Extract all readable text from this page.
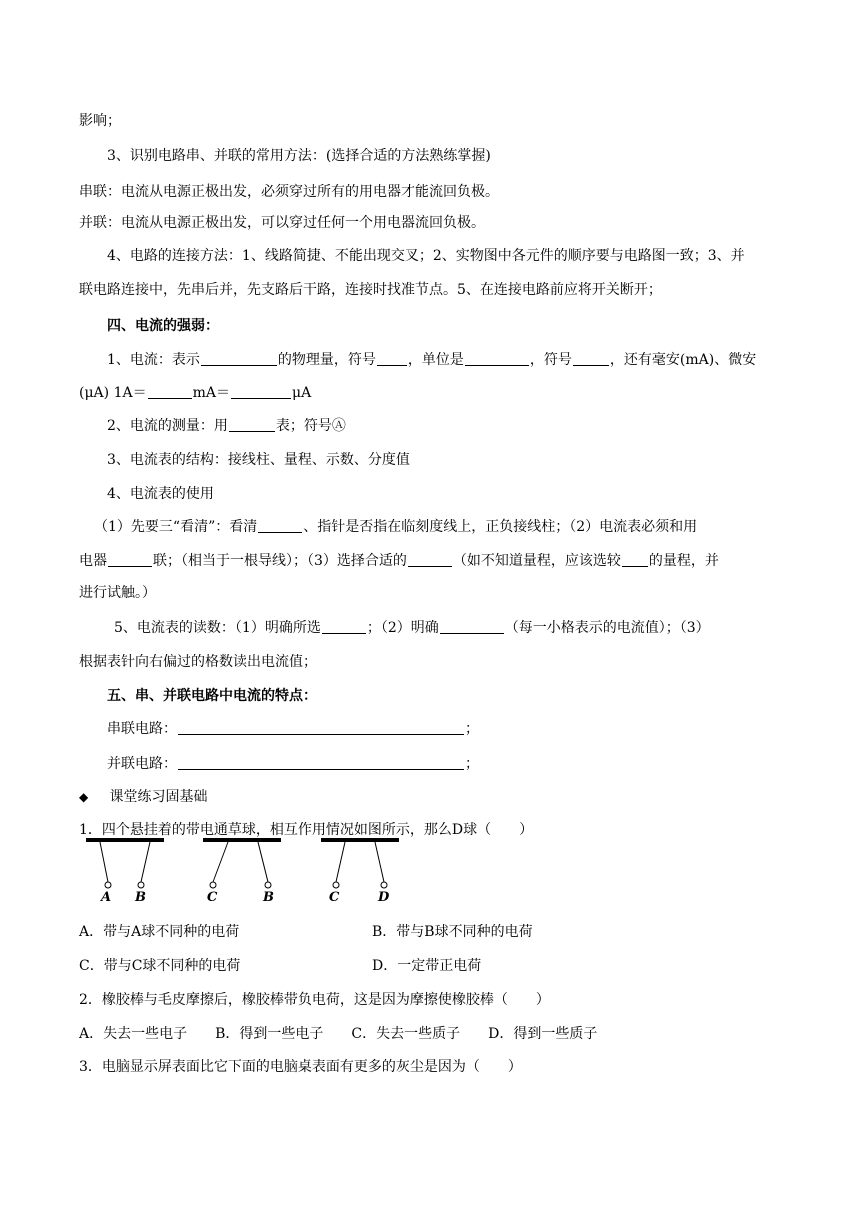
影响；
3、识别电路串、并联的常用方法：(选择合适的方法熟练掌握)
串联：电流从电源正极出发，必须穿过所有的用电器才能流回负极。
并联：电流从电源正极出发，可以穿过任何一个用电器流回负极。
4、电路的连接方法：1、线路简捷、不能出现交叉；2、实物图中各元件的顺序要与电路图一致；3、并
联电路连接中，先串后并，先支路后干路，连接时找准节点。5、在连接电路前应将开关断开；
四、电流的强弱：
1、电流：表示	的物理量，符号 ，单位是	，符号	，还有毫安(mA)、微安
(μA) 1A＝	mA＝	μA
2、电流的测量：用	表；符号Ⓐ
3、电流表的结构：接线柱、量程、示数、分度值
4、电流表的使用
（1）先要三“看清”：看清	、指针是否指在临刻度线上，正负接线柱；（2）电流表必须和用
电器	联；（相当于一根导线）；（3）选择合适的	（如不知道量程，应该选较 的量程，并
进行试触。）
5、电流表的读数：（1）明确所选	；（2）明确	（每一小格表示的电流值）；（3）
根据表针向右偏过的格数读出电流值；
五、串、并联电路中电流的特点：
串联电路：	；
并联电路：	；
◆ 课堂练习固基础
1．四个悬挂着的带电通草球，相互作用情况如图所示，那么D球（　　）
A B	C	B	C	D
A．带与A球不同种的电荷	B．带与B球不同种的电荷
C．带与C球不同种的电荷	D．一定带正电荷
2．橡胶棒与毛皮摩擦后，橡胶棒带负电荷，这是因为摩擦使橡胶棒（　　）
A．失去一些电子　　B．得到一些电子　　C．失去一些质子　　D．得到一些质子
3．电脑显示屏表面比它下面的电脑桌表面有更多的灰尘是因为（　　）
